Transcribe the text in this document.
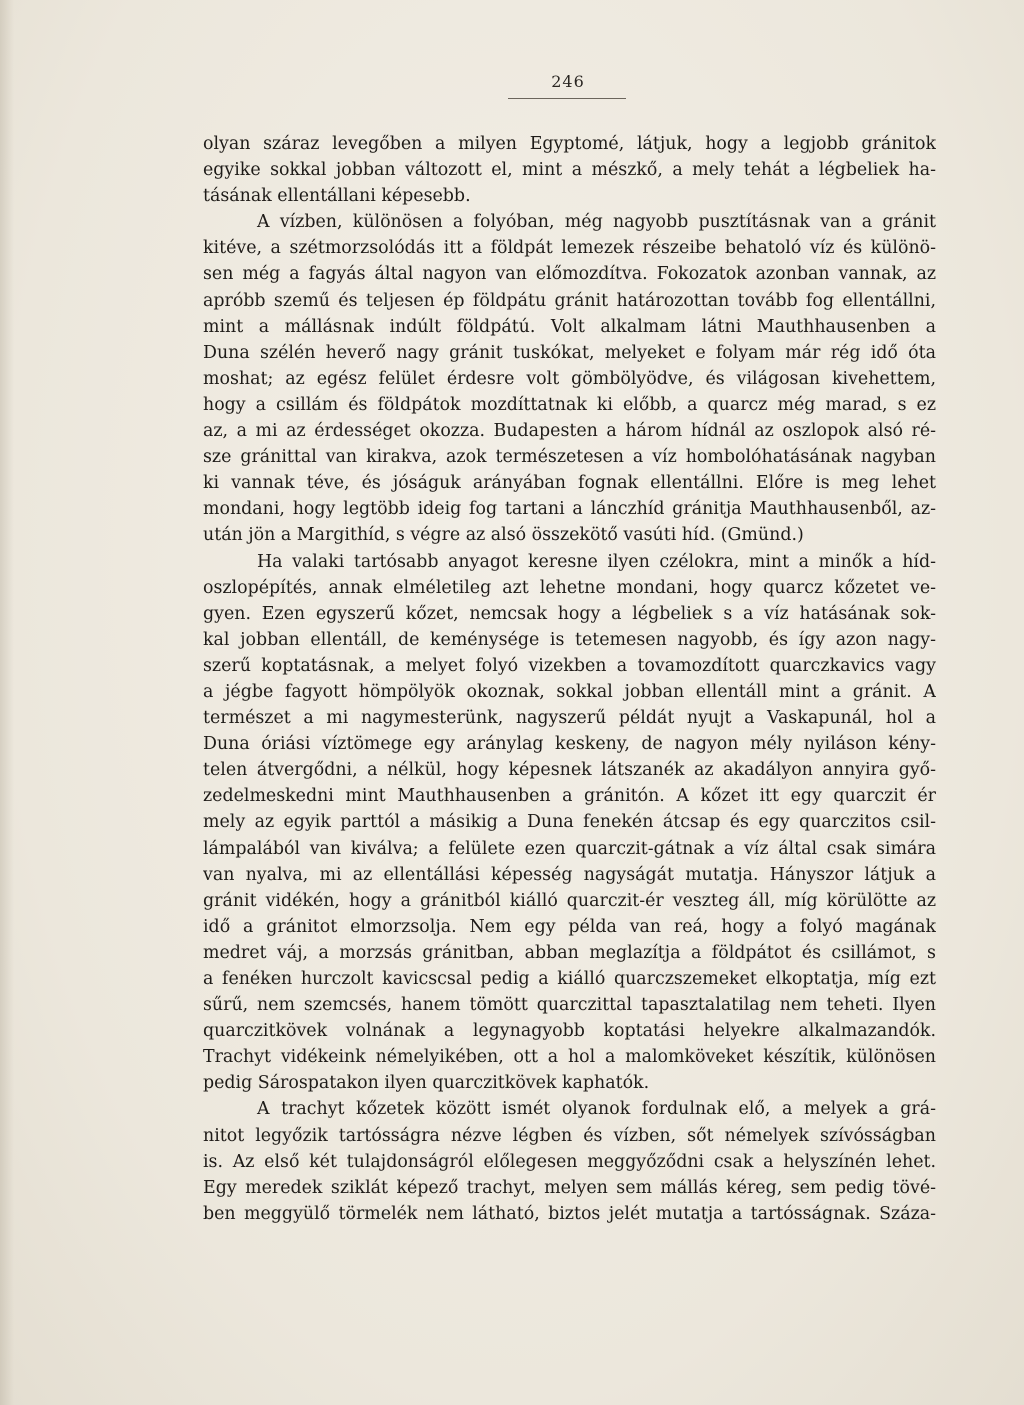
246
olyan száraz levegőben a milyen Egyptomé, látjuk, hogy a legjobb gránitok
egyike sokkal jobban változott el, mint a mészkő, a mely tehát a légbeliek ha-
tásának ellentállani képesebb.
A vízben, különösen a folyóban, még nagyobb pusztításnak van a gránit
kitéve, a szétmorzsolódás itt a földpát lemezek részeibe behatoló víz és különö-
sen még a fagyás által nagyon van előmozdítva. Fokozatok azonban vannak, az
apróbb szemű és teljesen ép földpátu gránit határozottan tovább fog ellentállni,
mint a mállásnak indúlt földpátú. Volt alkalmam látni Mauthhausenben a
Duna szélén heverő nagy gránit tuskókat, melyeket e folyam már rég idő óta
moshat; az egész felület érdesre volt gömbölyödve, és világosan kivehettem,
hogy a csillám és földpátok mozdíttatnak ki előbb, a quarcz még marad, s ez
az, a mi az érdességet okozza. Budapesten a három hídnál az oszlopok alsó ré-
sze gránittal van kirakva, azok természetesen a víz hombolóhatásának nagyban
ki vannak téve, és jóságuk arányában fognak ellentállni. Előre is meg lehet
mondani, hogy legtöbb ideig fog tartani a lánczhíd gránitja Mauthhausenből, az-
után jön a Margithíd, s végre az alsó összekötő vasúti híd. (Gmünd.)
Ha valaki tartósabb anyagot keresne ilyen czélokra, mint a minők a híd-
oszlopépítés, annak elméletileg azt lehetne mondani, hogy quarcz kőzetet ve-
gyen. Ezen egyszerű kőzet, nemcsak hogy a légbeliek s a víz hatásának sok-
kal jobban ellentáll, de keménysége is tetemesen nagyobb, és így azon nagy-
szerű koptatásnak, a melyet folyó vizekben a tovamozdított quarczkavics vagy
a jégbe fagyott hömpölyök okoznak, sokkal jobban ellentáll mint a gránit. A
természet a mi nagymesterünk, nagyszerű példát nyujt a Vaskapunál, hol a
Duna óriási víztömege egy aránylag keskeny, de nagyon mély nyiláson kény-
telen átvergődni, a nélkül, hogy képesnek látszanék az akadályon annyira győ-
zedelmeskedni mint Mauthhausenben a gránitón. A kőzet itt egy quarczit ér
mely az egyik parttól a másikig a Duna fenekén átcsap és egy quarczitos csil-
lámpalából van kiválva; a felülete ezen quarczit-gátnak a víz által csak simára
van nyalva, mi az ellentállási képesség nagyságát mutatja. Hányszor látjuk a
gránit vidékén, hogy a gránitból kiálló quarczit-ér veszteg áll, míg körülötte az
idő a gránitot elmorzsolja. Nem egy példa van reá, hogy a folyó magának
medret váj, a morzsás gránitban, abban meglazítja a földpátot és csillámot, s
a fenéken hurczolt kavicscsal pedig a kiálló quarczszemeket elkoptatja, míg ezt
sűrű, nem szemcsés, hanem tömött quarczittal tapasztalatilag nem teheti. Ilyen
quarczitkövek volnának a legynagyobb koptatási helyekre alkalmazandók.
Trachyt vidékeink némelyikében, ott a hol a malomköveket készítik, különösen
pedig Sárospatakon ilyen quarczitkövek kaphatók.
A trachyt kőzetek között ismét olyanok fordulnak elő, a melyek a grá-
nitot legyőzik tartósságra nézve légben és vízben, sőt némelyek szívósságban
is. Az első két tulajdonságról előlegesen meggyőződni csak a helyszínén lehet.
Egy meredek sziklát képező trachyt, melyen sem mállás kéreg, sem pedig tövé-
ben meggyülő törmelék nem látható, biztos jelét mutatja a tartósságnak. Száza-
